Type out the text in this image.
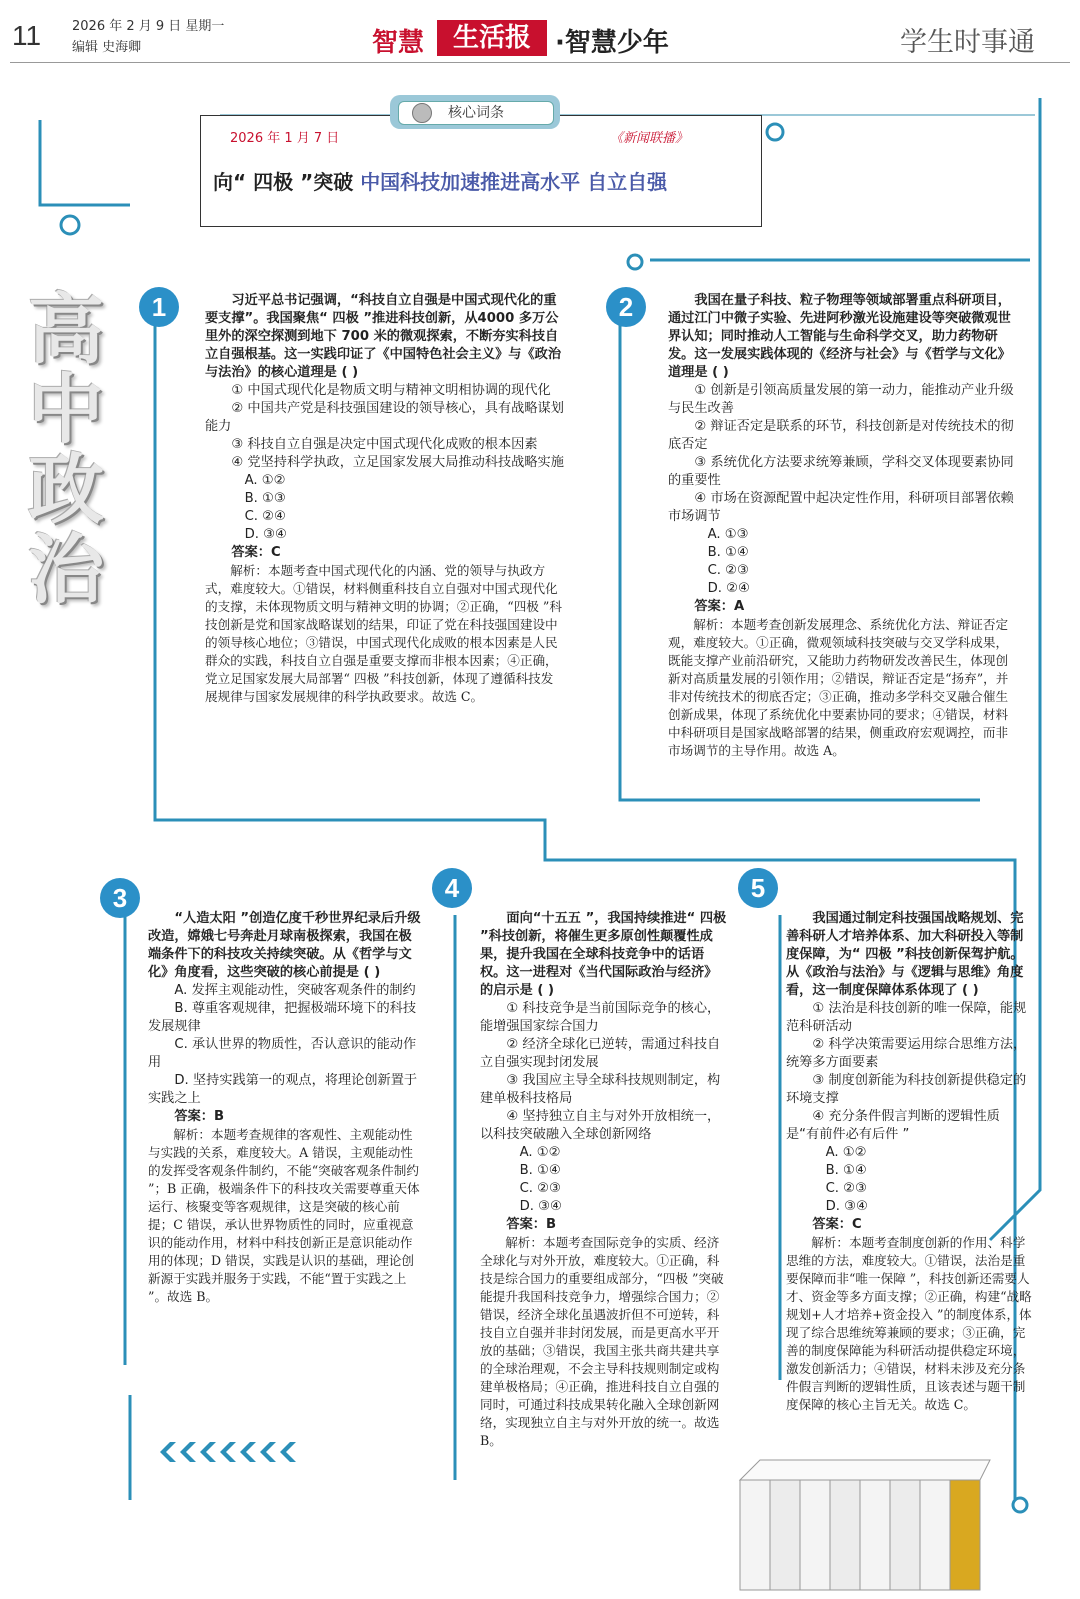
11 2026 年 2 月 9 日 星期一
编辑 史海卿	智慧	生活报 ·智慧少年	学生时事通
高中政治
核心词条
2026 年 1 月 7 日	《新闻联播》
向“ 四极 ”突破 中国科技加速推进高水平 自立自强
1	习近平总书记强调，“科技自立自强是中国式现代化的重要支撑”。我国聚焦“ 四极 ”推进科技创新，从4000 多万公里外的深空探测到地下 700 米的微观探索，不断夯实科技自立自强根基。这一实践印证了《中国特色社会主义》与《政治与法治》的核心道理是 ( )

① 中国式现代化是物质文明与精神文明相协调的现代化

② 中国共产党是科技强国建设的领导核心，具有战略谋划能力

③ 科技自立自强是决定中国式现代化成败的根本因素

④ 党坚持科学执政，立足国家发展大局推动科技战略实施

A. ①②

B. ①③

C. ②④

D. ③④

答案：C

解析：本题考查中国式现代化的内涵、党的领导与执政方式，难度较大。①错误，材料侧重科技自立自强对中国式现代化的支撑，未体现物质文明与精神文明的协调；②正确，“四极 ”科技创新是党和国家战略谋划的结果，印证了党在科技强国建设中的领导核心地位；③错误，中国式现代化成败的根本因素是人民群众的实践，科技自立自强是重要支撑而非根本因素；④正确，党立足国家发展大局部署“ 四极 ”科技创新，体现了遵循科技发展规律与国家发展规律的科学执政要求。故选 C。

2	我国在量子科技、粒子物理等领域部署重点科研项目，通过江门中微子实验、先进阿秒激光设施建设等突破微观世界认知；同时推动人工智能与生命科学交叉，助力药物研发。这一发展实践体现的《经济与社会》与《哲学与文化》道理是 ( )

① 创新是引领高质量发展的第一动力，能推动产业升级与民生改善

② 辩证否定是联系的环节，科技创新是对传统技术的彻底否定

③ 系统优化方法要求统筹兼顾，学科交叉体现要素协同的重要性

④ 市场在资源配置中起决定性作用，科研项目部署依赖市场调节

A. ①③

B. ①④

C. ②③

D. ②④

答案：A

解析：本题考查创新发展理念、系统优化方法、辩证否定观，难度较大。①正确，微观领域科技突破与交叉学科成果，既能支撑产业前沿研究，又能助力药物研发改善民生，体现创新对高质量发展的引领作用；②错误，辩证否定是“扬弃”，并非对传统技术的彻底否定；③正确，推动多学科交叉融合催生创新成果，体现了系统优化中要素协同的要求；④错误，材料中科研项目是国家战略部署的结果，侧重政府宏观调控，而非市场调节的主导作用。故选 A。

3

“人造太阳 ”创造亿度千秒世界纪录后升级改造，嫦娥七号奔赴月球南极探索，我国在极端条件下的科技攻关持续突破。从《哲学与文化》角度看，这些突破的核心前提是 ( )

A. 发挥主观能动性，突破客观条件的制约

B. 尊重客观规律，把握极端环境下的科技发展规律

C. 承认世界的物质性，否认意识的能动作用

D. 坚持实践第一的观点，将理论创新置于实践之上

答案：B

解析：本题考查规律的客观性、主观能动性与实践的关系，难度较大。A 错误，主观能动性的发挥受客观条件制约，不能“突破客观条件制约 ”；B 正确，极端条件下的科技攻关需要尊重天体运行、核聚变等客观规律，这是突破的核心前提；C 错误，承认世界物质性的同时，应重视意识的能动作用，材料中科技创新正是意识能动作用的体现；D 错误，实践是认识的基础，理论创新源于实践并服务于实践，不能“置于实践之上 ”。故选 B。

4

面向“十五五 ”，我国持续推进“ 四极 ”科技创新，将催生更多原创性颠覆性成果，提升我国在全球科技竞争中的话语权。这一进程对《当代国际政治与经济》的启示是 ( )

① 科技竞争是当前国际竞争的核心，能增强国家综合国力

② 经济全球化已逆转，需通过科技自立自强实现封闭发展

③ 我国应主导全球科技规则制定，构建单极科技格局

④ 坚持独立自主与对外开放相统一，以科技突破融入全球创新网络

A. ①②

B. ①④

C. ②③

D. ③④

答案：B

解析：本题考查国际竞争的实质、经济全球化与对外开放，难度较大。①正确，科技是综合国力的重要组成部分，“四极 ”突破能提升我国科技竞争力，增强综合国力；②错误，经济全球化虽遇波折但不可逆转，科技自立自强并非封闭发展，而是更高水平开放的基础；③错误，我国主张共商共建共享的全球治理观，不会主导科技规则制定或构建单极格局；④正确，推进科技自立自强的同时，可通过科技成果转化融入全球创新网络，实现独立自主与对外开放的统一。故选 B。

5

我国通过制定科技强国战略规划、完善科研人才培养体系、加大科研投入等制度保障，为“ 四极 ”科技创新保驾护航。从《政治与法治》与《逻辑与思维》角度看，这一制度保障体系体现了 ( )

① 法治是科技创新的唯一保障，能规范科研活动

② 科学决策需要运用综合思维方法，统筹多方面要素

③ 制度创新能为科技创新提供稳定的环境支撑

④ 充分条件假言判断的逻辑性质是“有前件必有后件 ”

A. ①②

B. ①④

C. ②③

D. ③④

答案：C

解析：本题考查制度创新的作用、科学思维的方法，难度较大。①错误，法治是重要保障而非“唯一保障 ”，科技创新还需要人才、资金等多方面支撑；②正确，构建“战略规划+人才培养+资金投入 ”的制度体系，体现了综合思维统筹兼顾的要求；③正确，完善的制度保障能为科研活动提供稳定环境，激发创新活力；④错误，材料未涉及充分条件假言判断的逻辑性质，且该表述与题干制度保障的核心主旨无关。故选 C。
